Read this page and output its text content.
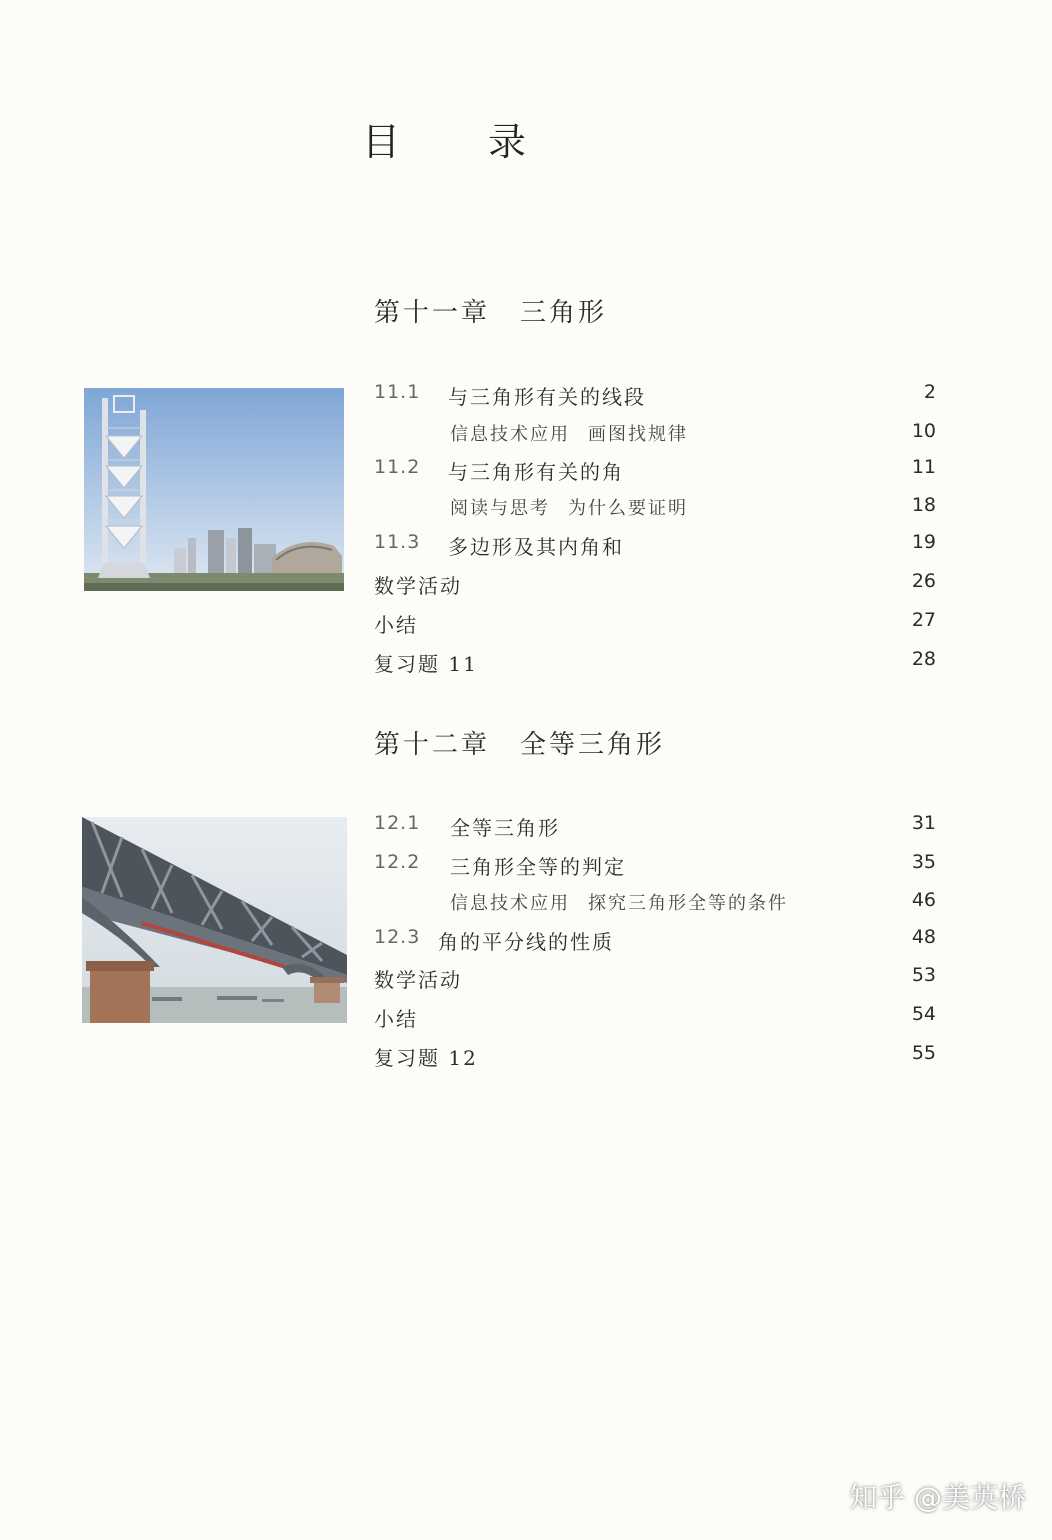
目 录
第十一章 三角形
11.1 与三角形有关的线段	2
信息技术应用 画图找规律	10
11.2 与三角形有关的角	11
阅读与思考 为什么要证明	18
11.3 多边形及其内角和	19
数学活动	26
小结	27
复习题 11	28
第十二章 全等三角形
12.1 全等三角形	31
12.2 三角形全等的判定	35
信息技术应用 探究三角形全等的条件	46
12.3 角的平分线的性质	48
数学活动	53
小结	54
复习题 12	55
知乎 @美英桥
